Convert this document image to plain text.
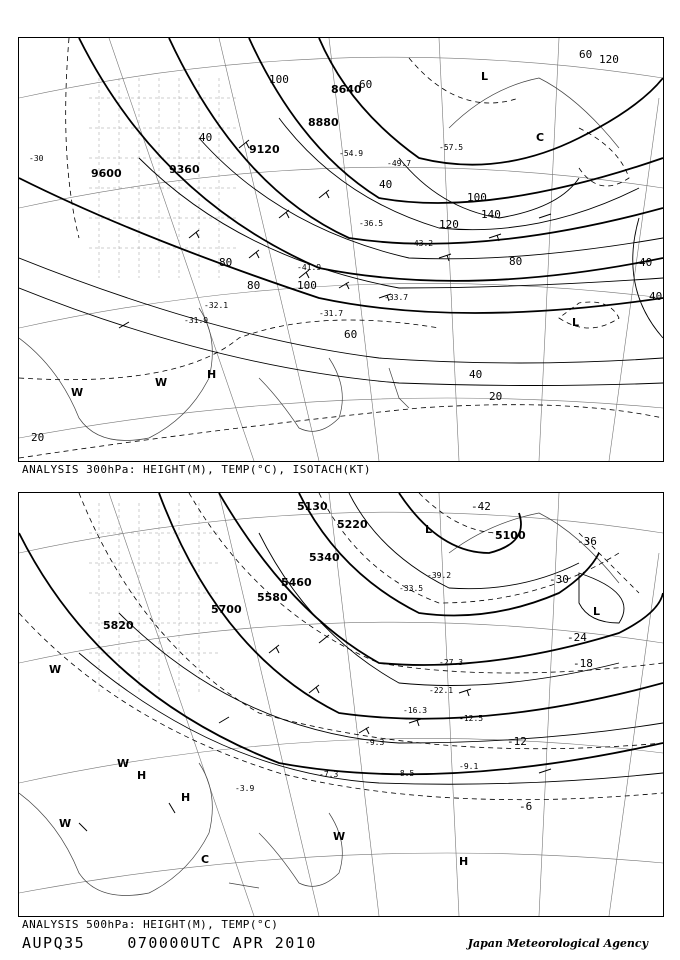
9600	9360
9120
8880
8640
20
40
40
60
80	100
120
140
100
80
60
40
20
40
40
60
80
100
120
-30
-33.7
-36.5
-41.9
-43.2
-49.7
-54.9
-57.5
-31.9
-32.1
-31.7
H
W
W
L
L
C
ANALYSIS 300hPa: HEIGHT(M), TEMP(°C), ISOTACH(KT)
5820
5700
5580
5460
5340
5220
5130
5100
-42
-36
-30
-24
-18
-12
-6
-39.2
-33.5
-27.3
-22.1
-16.3
-12.5
-9.3
-7.3
-3.9
-8.5
-9.1
H
H
H
W
W
W
W
C
L
L
ANALYSIS 500hPa: HEIGHT(M), TEMP(°C)
AUPQ35	070000UTC APR 2010	Japan Meteorological Agency
